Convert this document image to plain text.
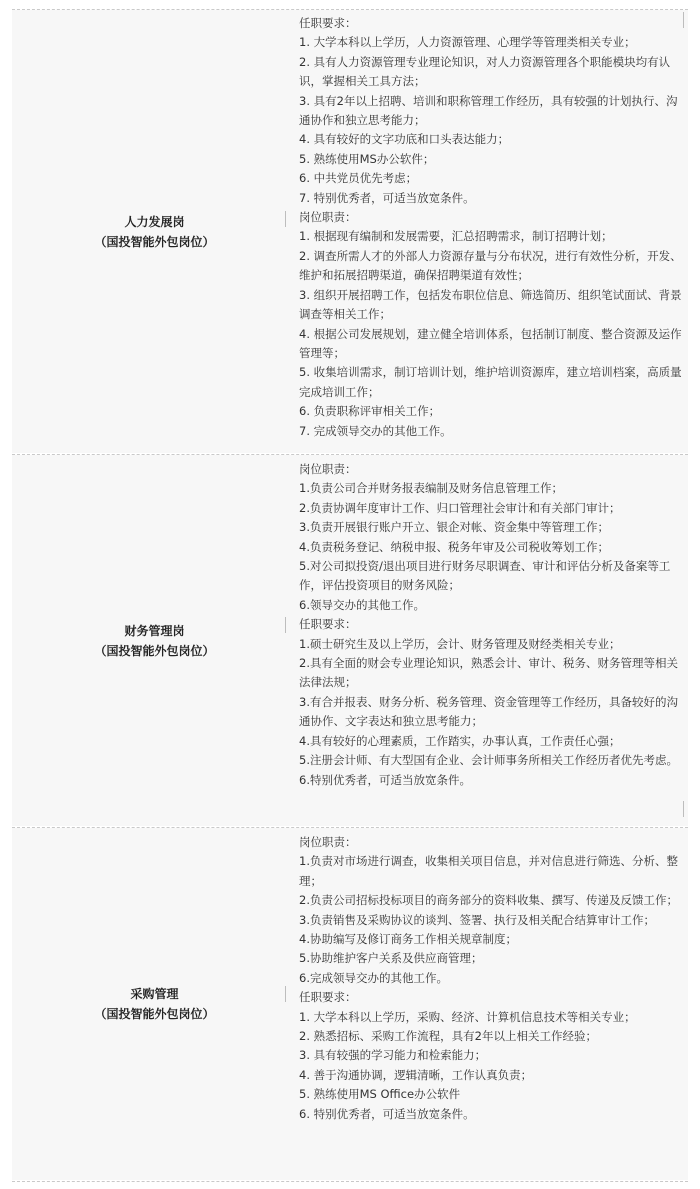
人力发展岗
（国投智能外包岗位）
任职要求：
1. 大学本科以上学历，人力资源管理、心理学等管理类相关专业；
2. 具有人力资源管理专业理论知识，对人力资源管理各个职能模块均有认识，掌握相关工具方法；
3. 具有2年以上招聘、培训和职称管理工作经历，具有较强的计划执行、沟通协作和独立思考能力；
4. 具有较好的文字功底和口头表达能力；
5. 熟练使用MS办公软件；
6. 中共党员优先考虑；
7. 特别优秀者，可适当放宽条件。
岗位职责：
1. 根据现有编制和发展需要，汇总招聘需求，制订招聘计划；
2. 调查所需人才的外部人力资源存量与分布状况，进行有效性分析，开发、维护和拓展招聘渠道，确保招聘渠道有效性；
3. 组织开展招聘工作，包括发布职位信息、筛选简历、组织笔试面试、背景调查等相关工作；
4. 根据公司发展规划，建立健全培训体系，包括制订制度、整合资源及运作管理等；
5. 收集培训需求，制订培训计划，维护培训资源库，建立培训档案，高质量完成培训工作；
6. 负责职称评审相关工作；
7. 完成领导交办的其他工作。
财务管理岗
（国投智能外包岗位）
岗位职责：
1.负责公司合并财务报表编制及财务信息管理工作；
2.负责协调年度审计工作、归口管理社会审计和有关部门审计；
3.负责开展银行账户开立、银企对帐、资金集中等管理工作；
4.负责税务登记、纳税申报、税务年审及公司税收筹划工作；
5.对公司拟投资/退出项目进行财务尽职调查、审计和评估分析及备案等工作，评估投资项目的财务风险；
6.领导交办的其他工作。
任职要求：
1.硕士研究生及以上学历，会计、财务管理及财经类相关专业；
2.具有全面的财会专业理论知识，熟悉会计、审计、税务、财务管理等相关法律法规；
3.有合并报表、财务分析、税务管理、资金管理等工作经历，具备较好的沟通协作、文字表达和独立思考能力；
4.具有较好的心理素质，工作踏实，办事认真，工作责任心强；
5.注册会计师、有大型国有企业、会计师事务所相关工作经历者优先考虑。
6.特别优秀者，可适当放宽条件。
采购管理
（国投智能外包岗位）
岗位职责：
1.负责对市场进行调查，收集相关项目信息，并对信息进行筛选、分析、整理；
2.负责公司招标投标项目的商务部分的资料收集、撰写、传递及反馈工作；
3.负责销售及采购协议的谈判、签署、执行及相关配合结算审计工作；
4.协助编写及修订商务工作相关规章制度；
5.协助维护客户关系及供应商管理；
6.完成领导交办的其他工作。
任职要求：
1. 大学本科以上学历，采购、经济、计算机信息技术等相关专业；
2. 熟悉招标、采购工作流程，具有2年以上相关工作经验；
3. 具有较强的学习能力和检索能力；
4. 善于沟通协调，逻辑清晰，工作认真负责；
5. 熟练使用MS Office办公软件
6. 特别优秀者，可适当放宽条件。
